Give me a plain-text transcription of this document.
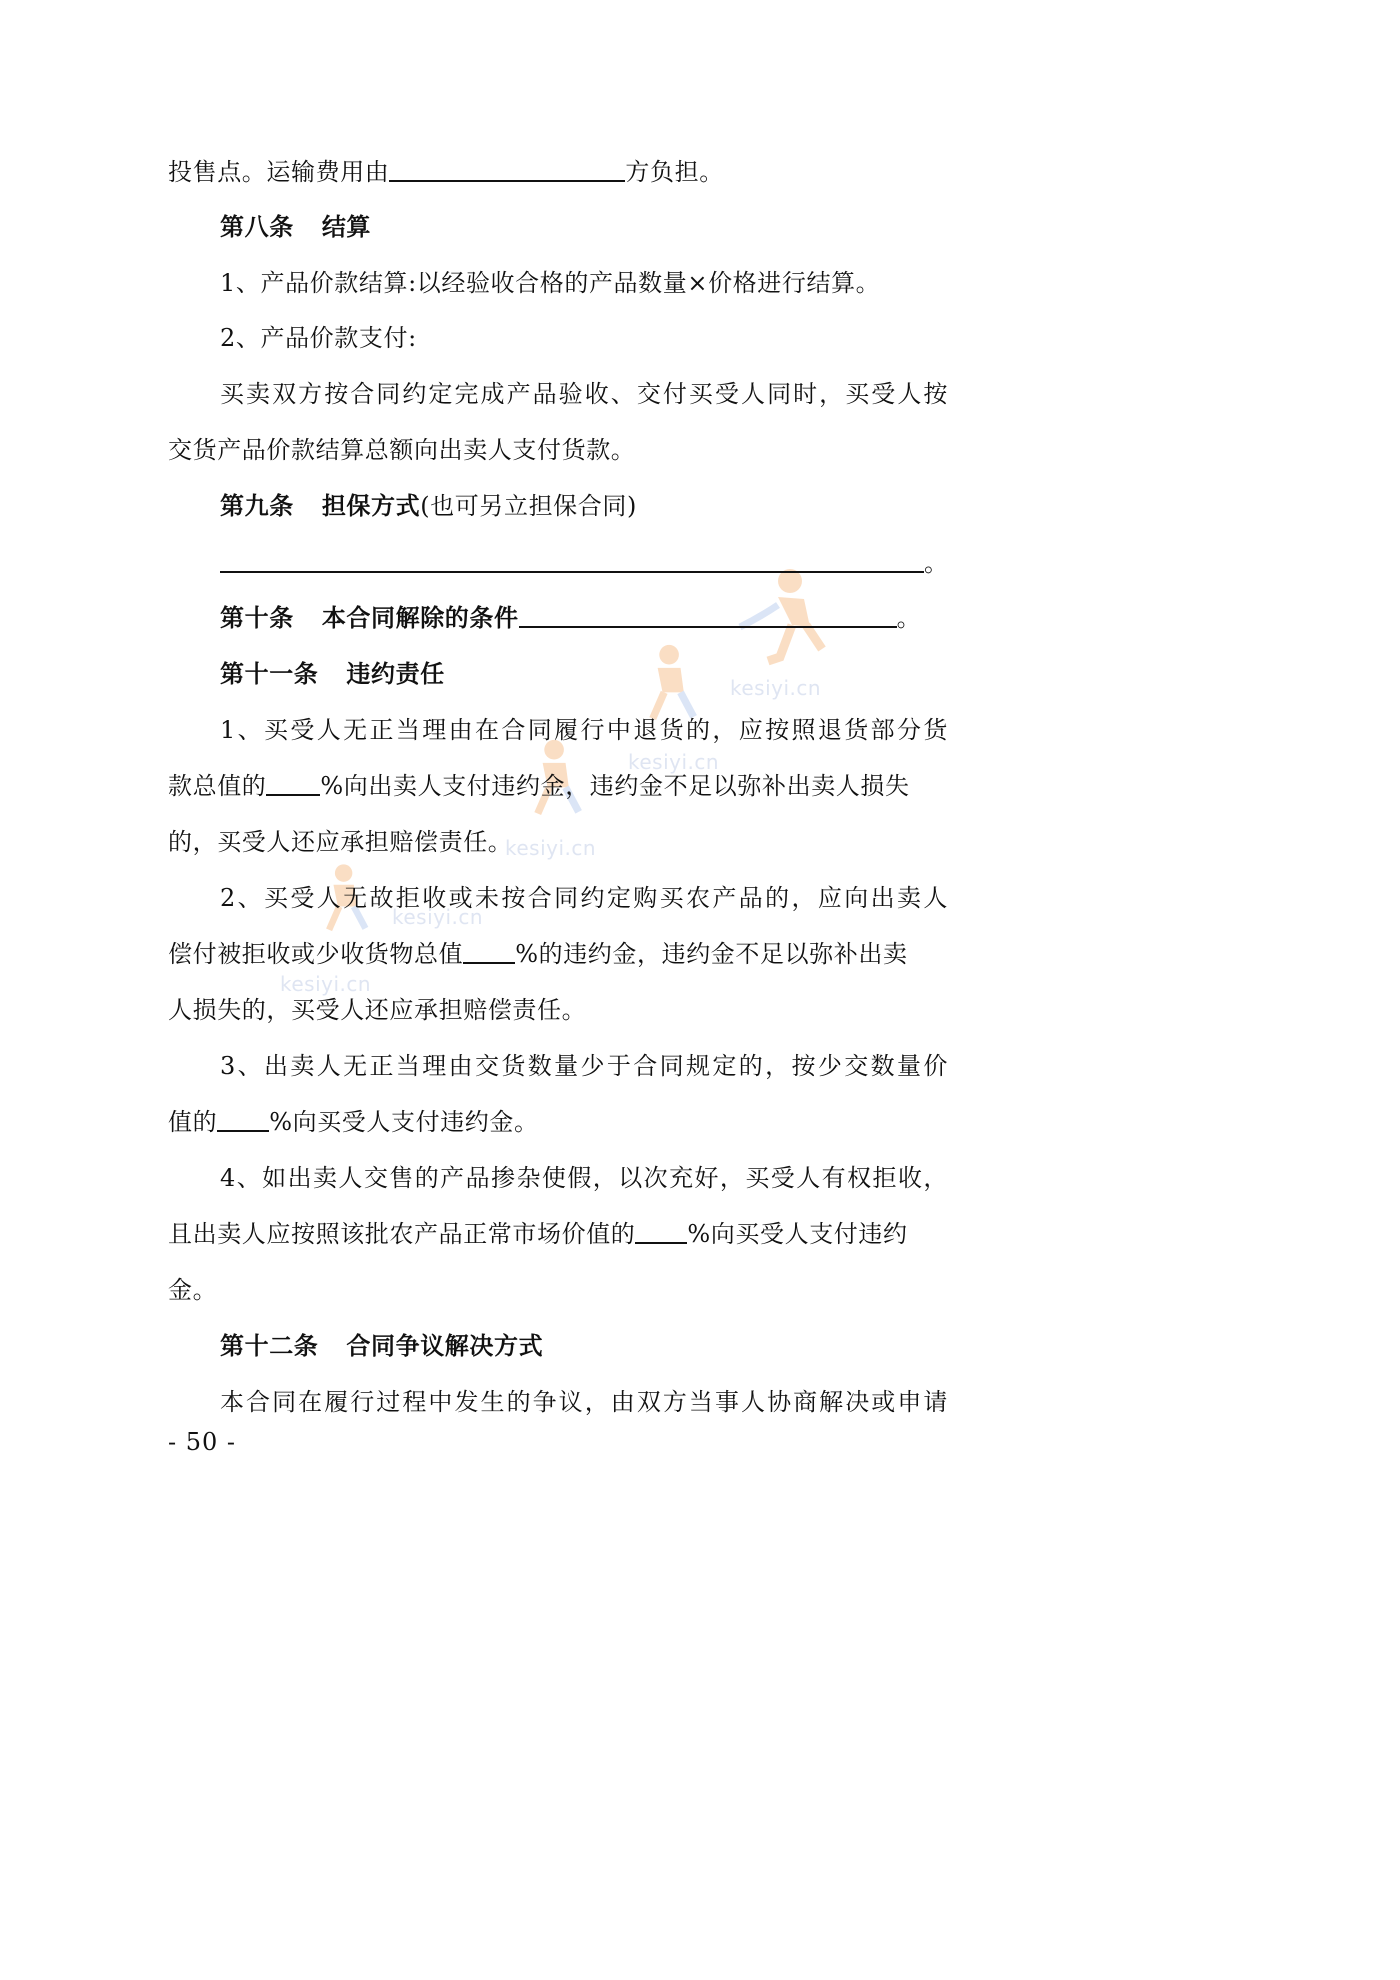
kesiyi.cn
kesiyi.cn
kesiyi.cn
kesiyi.cn
kesiyi.cn
投售点。运输费用由	方负担。
第八条 结算
1、产品价款结算:以经验收合格的产品数量×价格进行结算。
2、产品价款支付:
买卖双方按合同约定完成产品验收、交付买受人同时，买受人按
交货产品价款结算总额向出卖人支付货款。
第九条 担保方式(也可另立担保合同)
。
第十条 本合同解除的条件	。
第十一条 违约责任
1、买受人无正当理由在合同履行中退货的，应按照退货部分货
款总值的 %向出卖人支付违约金，违约金不足以弥补出卖人损失
的，买受人还应承担赔偿责任。
2、买受人无故拒收或未按合同约定购买农产品的，应向出卖人
偿付被拒收或少收货物总值 %的违约金，违约金不足以弥补出卖
人损失的，买受人还应承担赔偿责任。
3、出卖人无正当理由交货数量少于合同规定的，按少交数量价
值的 %向买受人支付违约金。
4、如出卖人交售的产品掺杂使假，以次充好，买受人有权拒收，
且出卖人应按照该批农产品正常市场价值的 %向买受人支付违约
金。
第十二条 合同争议解决方式
本合同在履行过程中发生的争议，由双方当事人协商解决或申请
- 50 -
